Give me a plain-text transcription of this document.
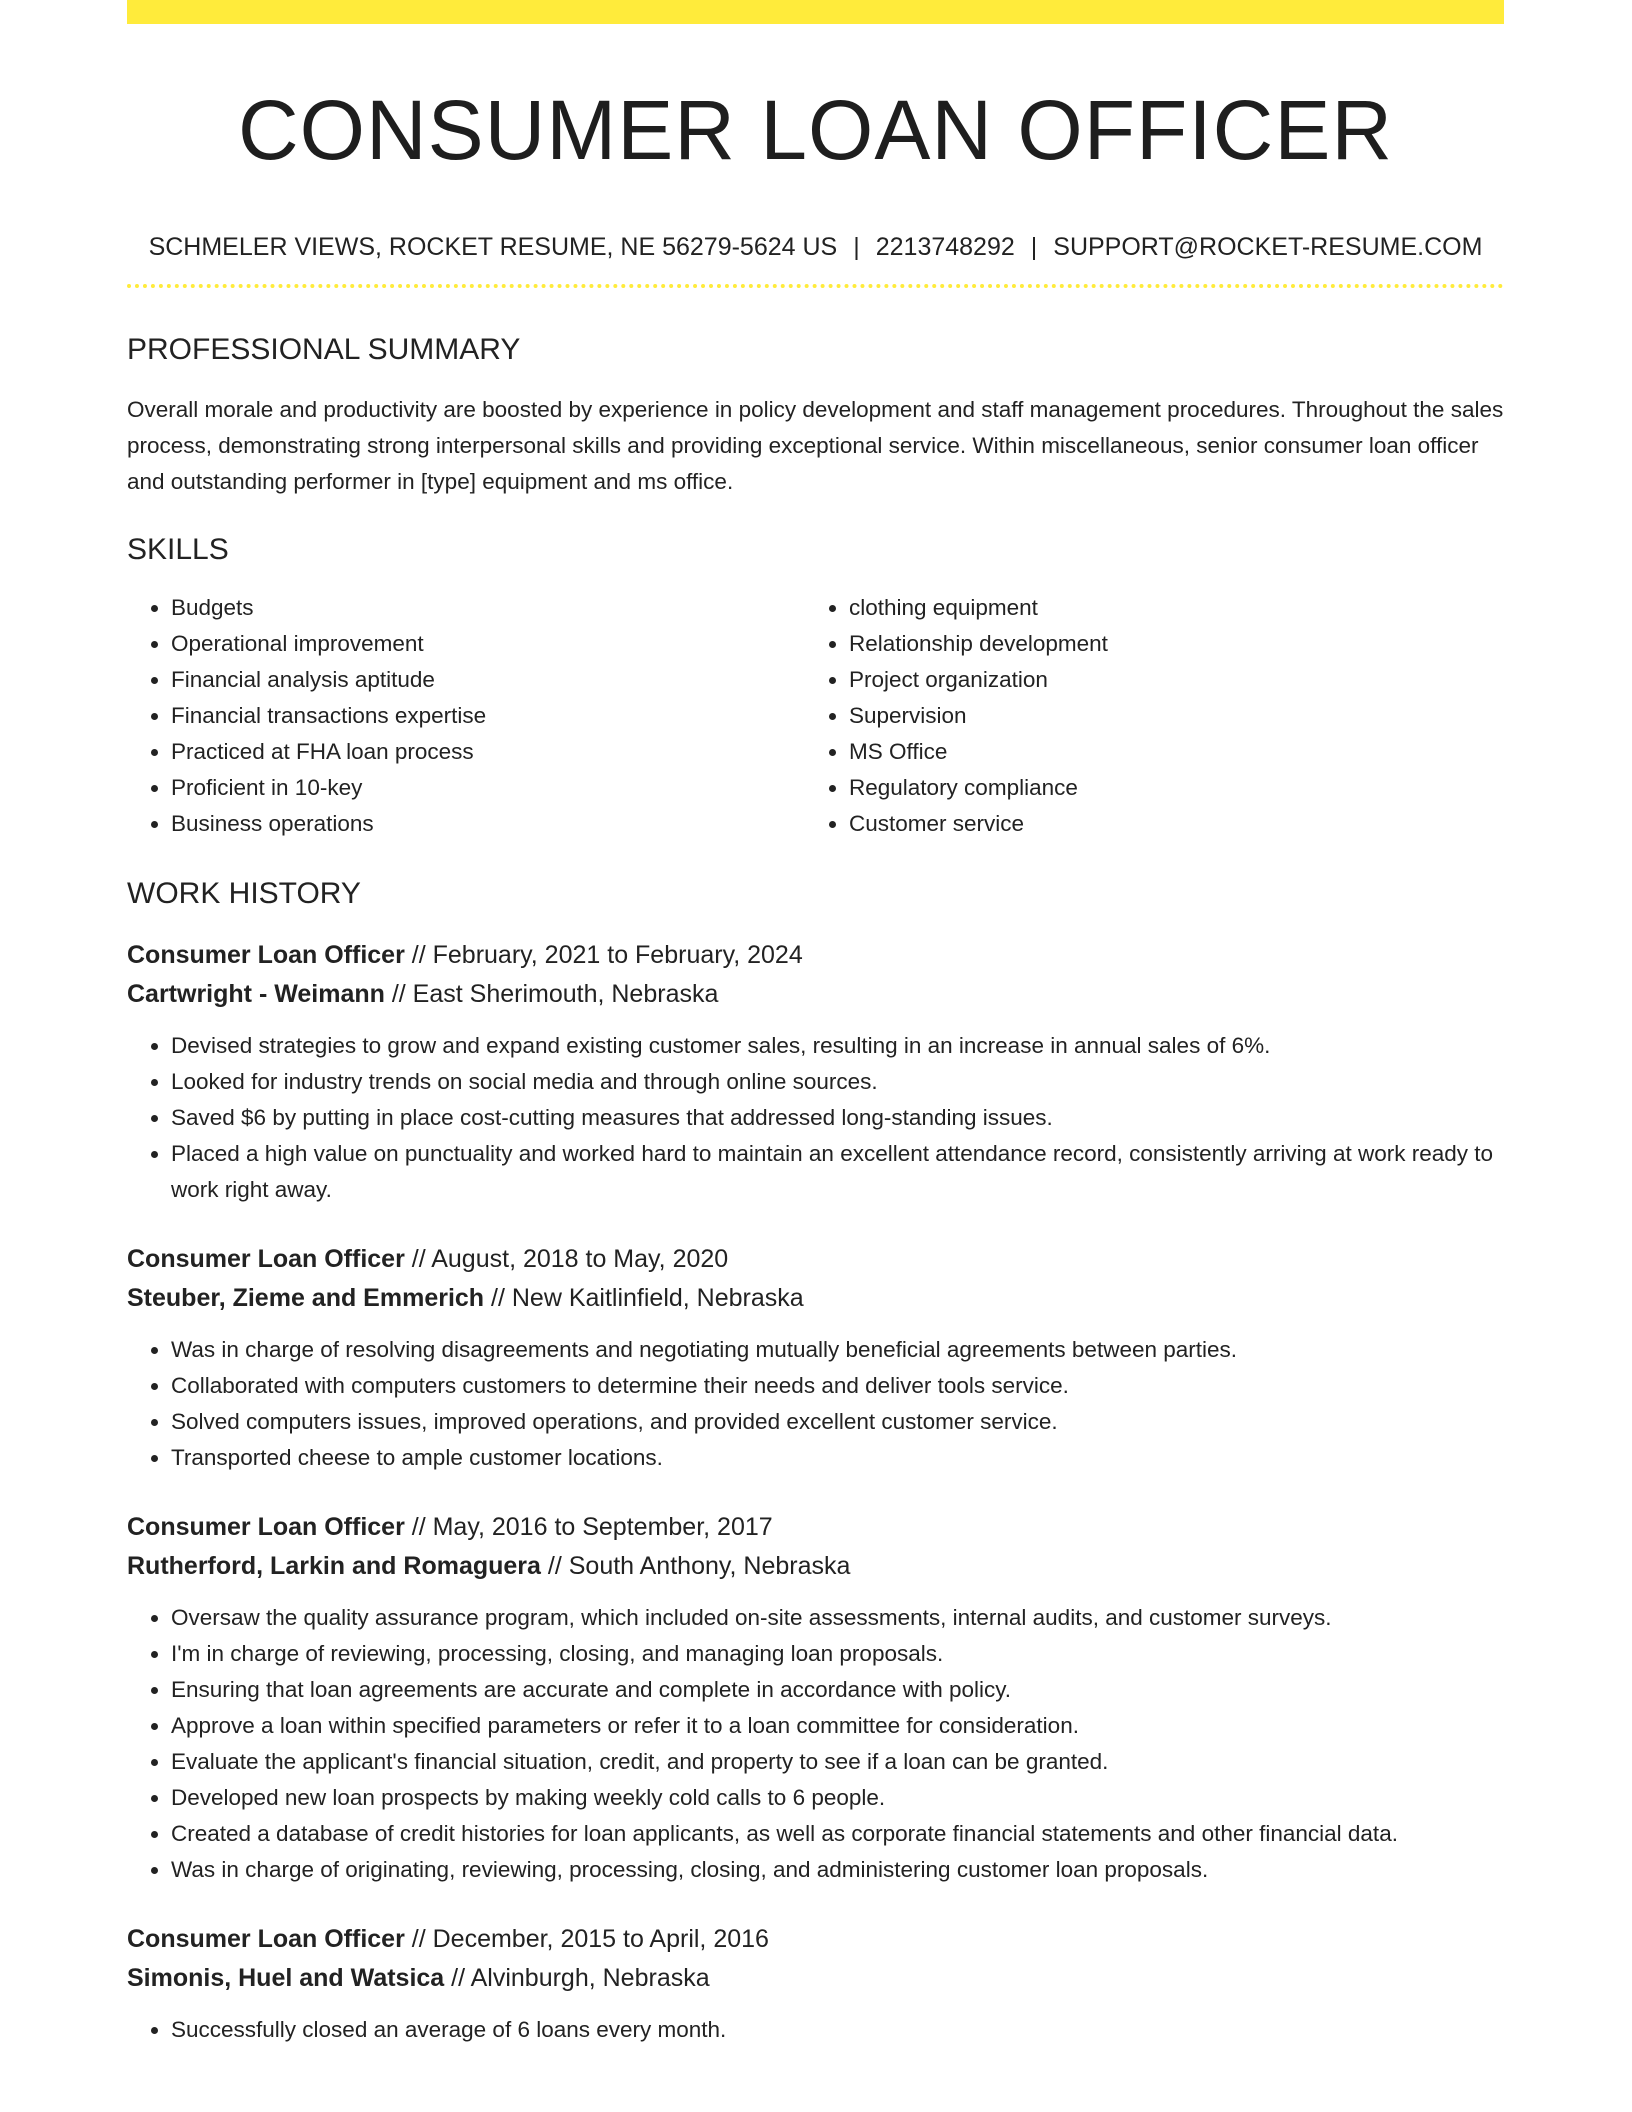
CONSUMER LOAN OFFICER
SCHMELER VIEWS, ROCKET RESUME, NE 56279-5624 US | 2213748292 | SUPPORT@ROCKET-RESUME.COM
PROFESSIONAL SUMMARY
Overall morale and productivity are boosted by experience in policy development and staff management procedures. Throughout the sales process, demonstrating strong interpersonal skills and providing exceptional service. Within miscellaneous, senior consumer loan officer and outstanding performer in [type] equipment and ms office.
SKILLS
• Budgets
• Operational improvement
• Financial analysis aptitude
• Financial transactions expertise
• Practiced at FHA loan process
• Proficient in 10-key
• Business operations
• clothing equipment
• Relationship development
• Project organization
• Supervision
• MS Office
• Regulatory compliance
• Customer service
WORK HISTORY
Consumer Loan Officer // February, 2021 to February, 2024
Cartwright - Weimann // East Sherimouth, Nebraska
• Devised strategies to grow and expand existing customer sales, resulting in an increase in annual sales of 6%.
• Looked for industry trends on social media and through online sources.
• Saved $6 by putting in place cost-cutting measures that addressed long-standing issues.
• Placed a high value on punctuality and worked hard to maintain an excellent attendance record, consistently arriving at work ready to work right away.
Consumer Loan Officer // August, 2018 to May, 2020
Steuber, Zieme and Emmerich // New Kaitlinfield, Nebraska
• Was in charge of resolving disagreements and negotiating mutually beneficial agreements between parties.
• Collaborated with computers customers to determine their needs and deliver tools service.
• Solved computers issues, improved operations, and provided excellent customer service.
• Transported cheese to ample customer locations.
Consumer Loan Officer // May, 2016 to September, 2017
Rutherford, Larkin and Romaguera // South Anthony, Nebraska
• Oversaw the quality assurance program, which included on-site assessments, internal audits, and customer surveys.
• I'm in charge of reviewing, processing, closing, and managing loan proposals.
• Ensuring that loan agreements are accurate and complete in accordance with policy.
• Approve a loan within specified parameters or refer it to a loan committee for consideration.
• Evaluate the applicant's financial situation, credit, and property to see if a loan can be granted.
• Developed new loan prospects by making weekly cold calls to 6 people.
• Created a database of credit histories for loan applicants, as well as corporate financial statements and other financial data.
• Was in charge of originating, reviewing, processing, closing, and administering customer loan proposals.
Consumer Loan Officer // December, 2015 to April, 2016
Simonis, Huel and Watsica // Alvinburgh, Nebraska
• Successfully closed an average of 6 loans every month.
